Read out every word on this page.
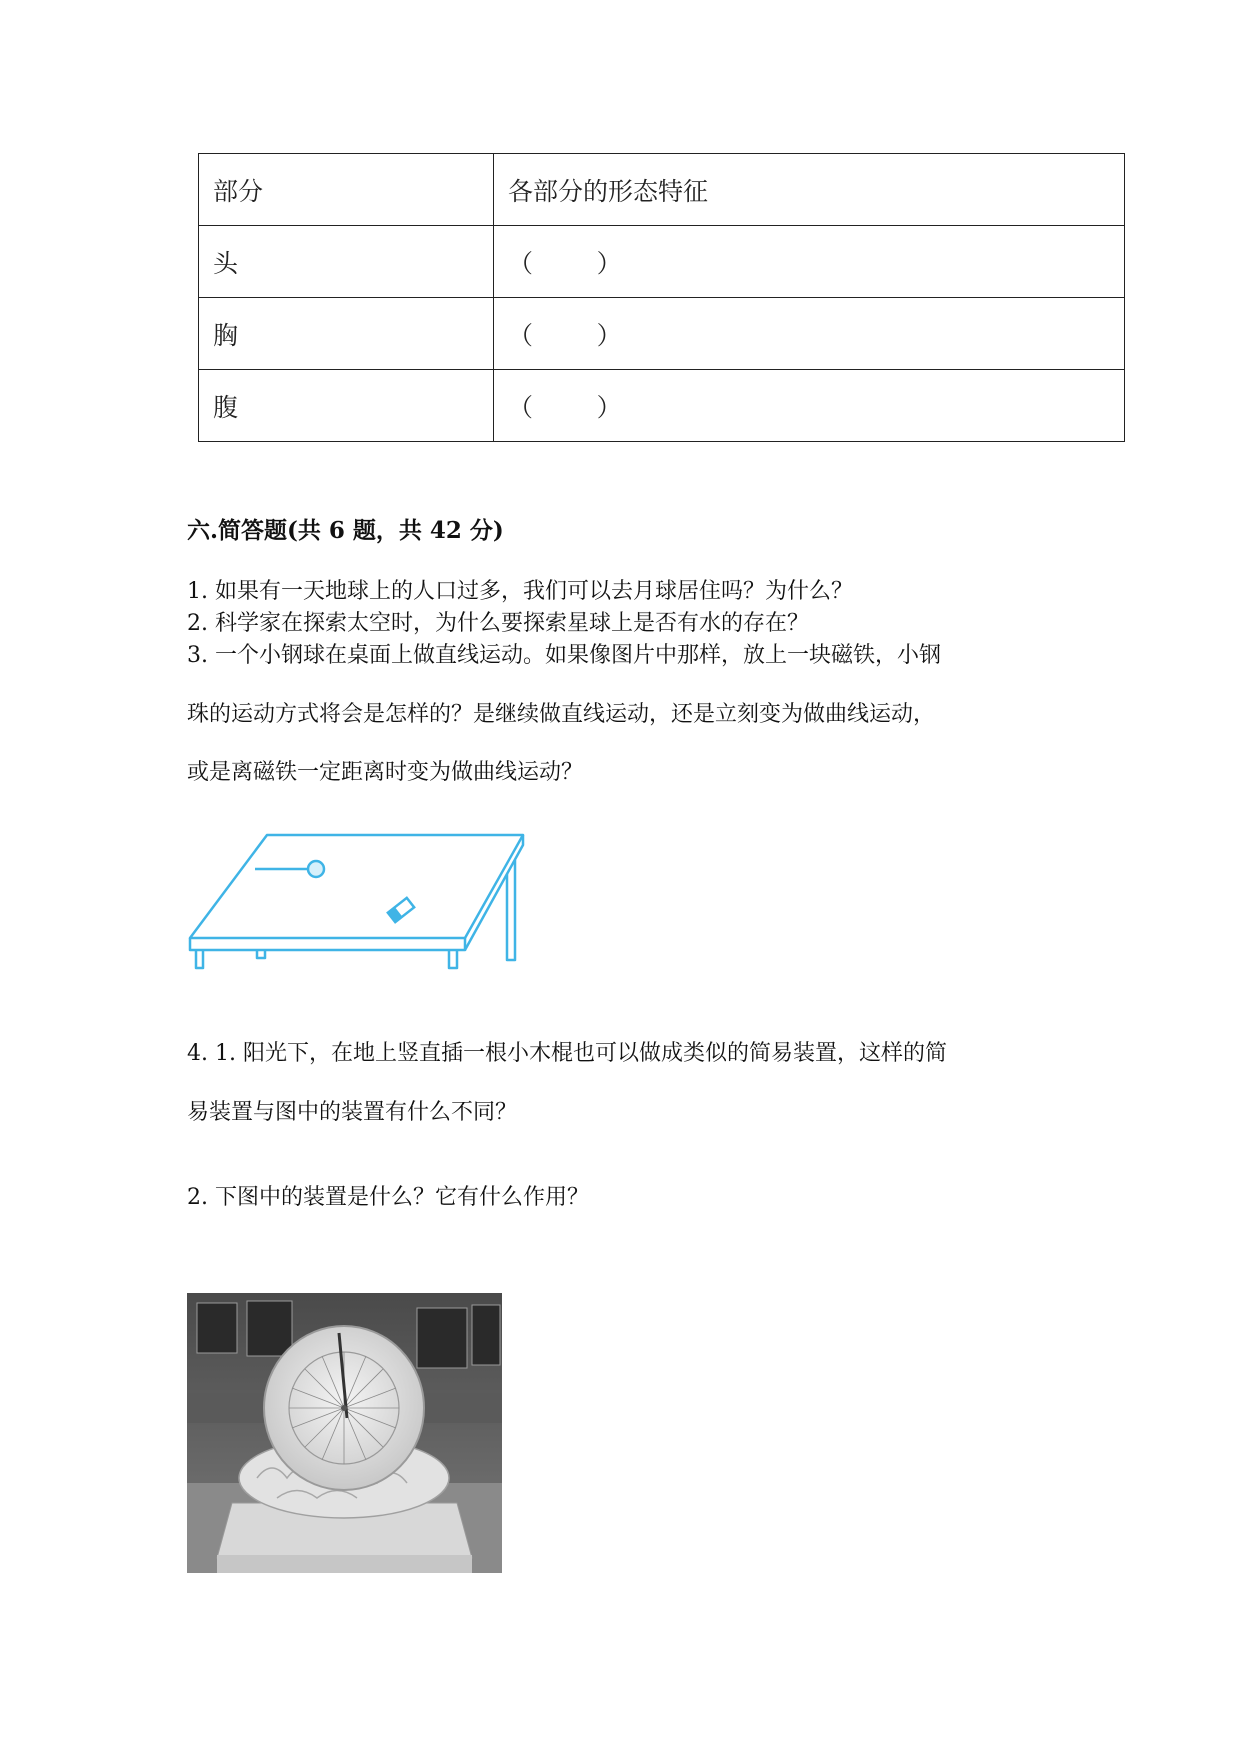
部分	各部分的形态特征
头	（        ）
胸	（        ）
腹	（        ）
六.简答题(共 6 题，共 42 分)
1. 如果有一天地球上的人口过多，我们可以去月球居住吗？为什么？
2. 科学家在探索太空时，为什么要探索星球上是否有水的存在？
3. 一个小钢球在桌面上做直线运动。如果像图片中那样，放上一块磁铁，小钢
珠的运动方式将会是怎样的？是继续做直线运动，还是立刻变为做曲线运动，
或是离磁铁一定距离时变为做曲线运动？
4. 1. 阳光下，在地上竖直插一根小木棍也可以做成类似的简易装置，这样的简
易装置与图中的装置有什么不同？
2. 下图中的装置是什么？它有什么作用？
